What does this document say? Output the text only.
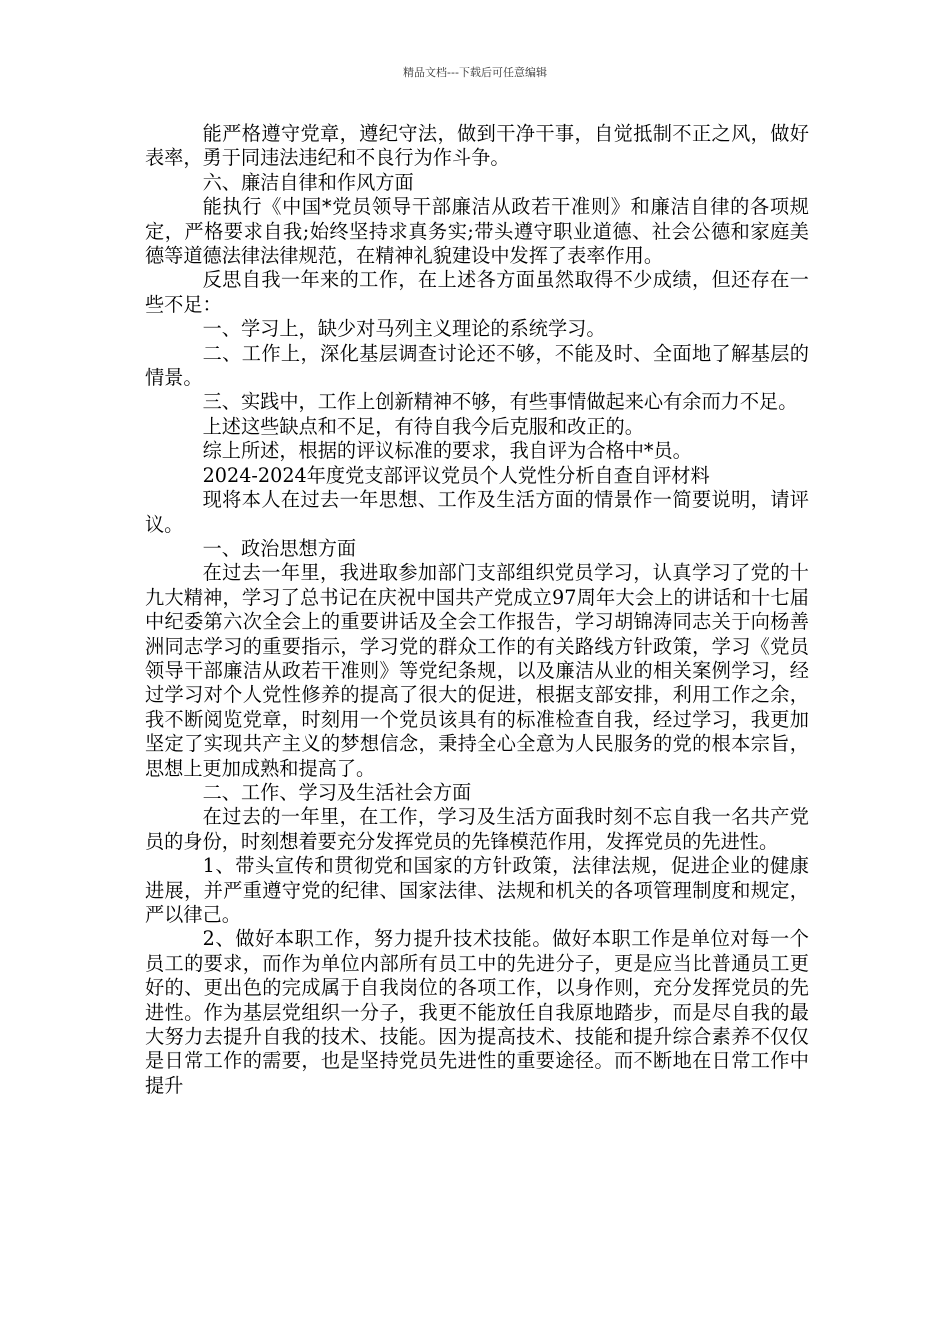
精品文档---下载后可任意编辑

能严格遵守党章，遵纪守法，做到干净干事，自觉抵制不正之风，做好表率，勇于同违法违纪和不良行为作斗争。

六、廉洁自律和作风方面

能执行《中国*党员领导干部廉洁从政若干准则》和廉洁自律的各项规定，严格要求自我;始终坚持求真务实;带头遵守职业道德、社会公德和家庭美德等道德法律法律规范，在精神礼貌建设中发挥了表率作用。

反思自我一年来的工作，在上述各方面虽然取得不少成绩，但还存在一些不足：

一、学习上，缺少对马列主义理论的系统学习。

二、工作上，深化基层调查讨论还不够，不能及时、全面地了解基层的情景。

三、实践中，工作上创新精神不够，有些事情做起来心有余而力不足。

上述这些缺点和不足，有待自我今后克服和改正的。

综上所述，根据的评议标准的要求，我自评为合格中*员。

2024-2024年度党支部评议党员个人党性分析自查自评材料

现将本人在过去一年思想、工作及生活方面的情景作一简要说明，请评议。

一、政治思想方面

在过去一年里，我进取参加部门支部组织党员学习，认真学习了党的十九大精神，学习了总书记在庆祝中国共产党成立97周年大会上的讲话和十七届中纪委第六次全会上的重要讲话及全会工作报告，学习胡锦涛同志关于向杨善洲同志学习的重要指示，学习党的群众工作的有关路线方针政策，学习《党员领导干部廉洁从政若干准则》等党纪条规，以及廉洁从业的相关案例学习，经过学习对个人党性修养的提高了很大的促进，根据支部安排，利用工作之余，我不断阅览党章，时刻用一个党员该具有的标准检查自我，经过学习，我更加坚定了实现共产主义的梦想信念，秉持全心全意为人民服务的党的根本宗旨，思想上更加成熟和提高了。

二、工作、学习及生活社会方面

在过去的一年里，在工作，学习及生活方面我时刻不忘自我一名共产党员的身份，时刻想着要充分发挥党员的先锋模范作用，发挥党员的先进性。

1、带头宣传和贯彻党和国家的方针政策，法律法规，促进企业的健康进展，并严重遵守党的纪律、国家法律、法规和机关的各项管理制度和规定，严以律己。

2、做好本职工作，努力提升技术技能。做好本职工作是单位对每一个员工的要求，而作为单位内部所有员工中的先进分子，更是应当比普通员工更好的、更出色的完成属于自我岗位的各项工作，以身作则，充分发挥党员的先进性。作为基层党组织一分子，我更不能放任自我原地踏步，而是尽自我的最大努力去提升自我的技术、技能。因为提高技术、技能和提升综合素养不仅仅是日常工作的需要，也是坚持党员先进性的重要途径。而不断地在日常工作中提升
